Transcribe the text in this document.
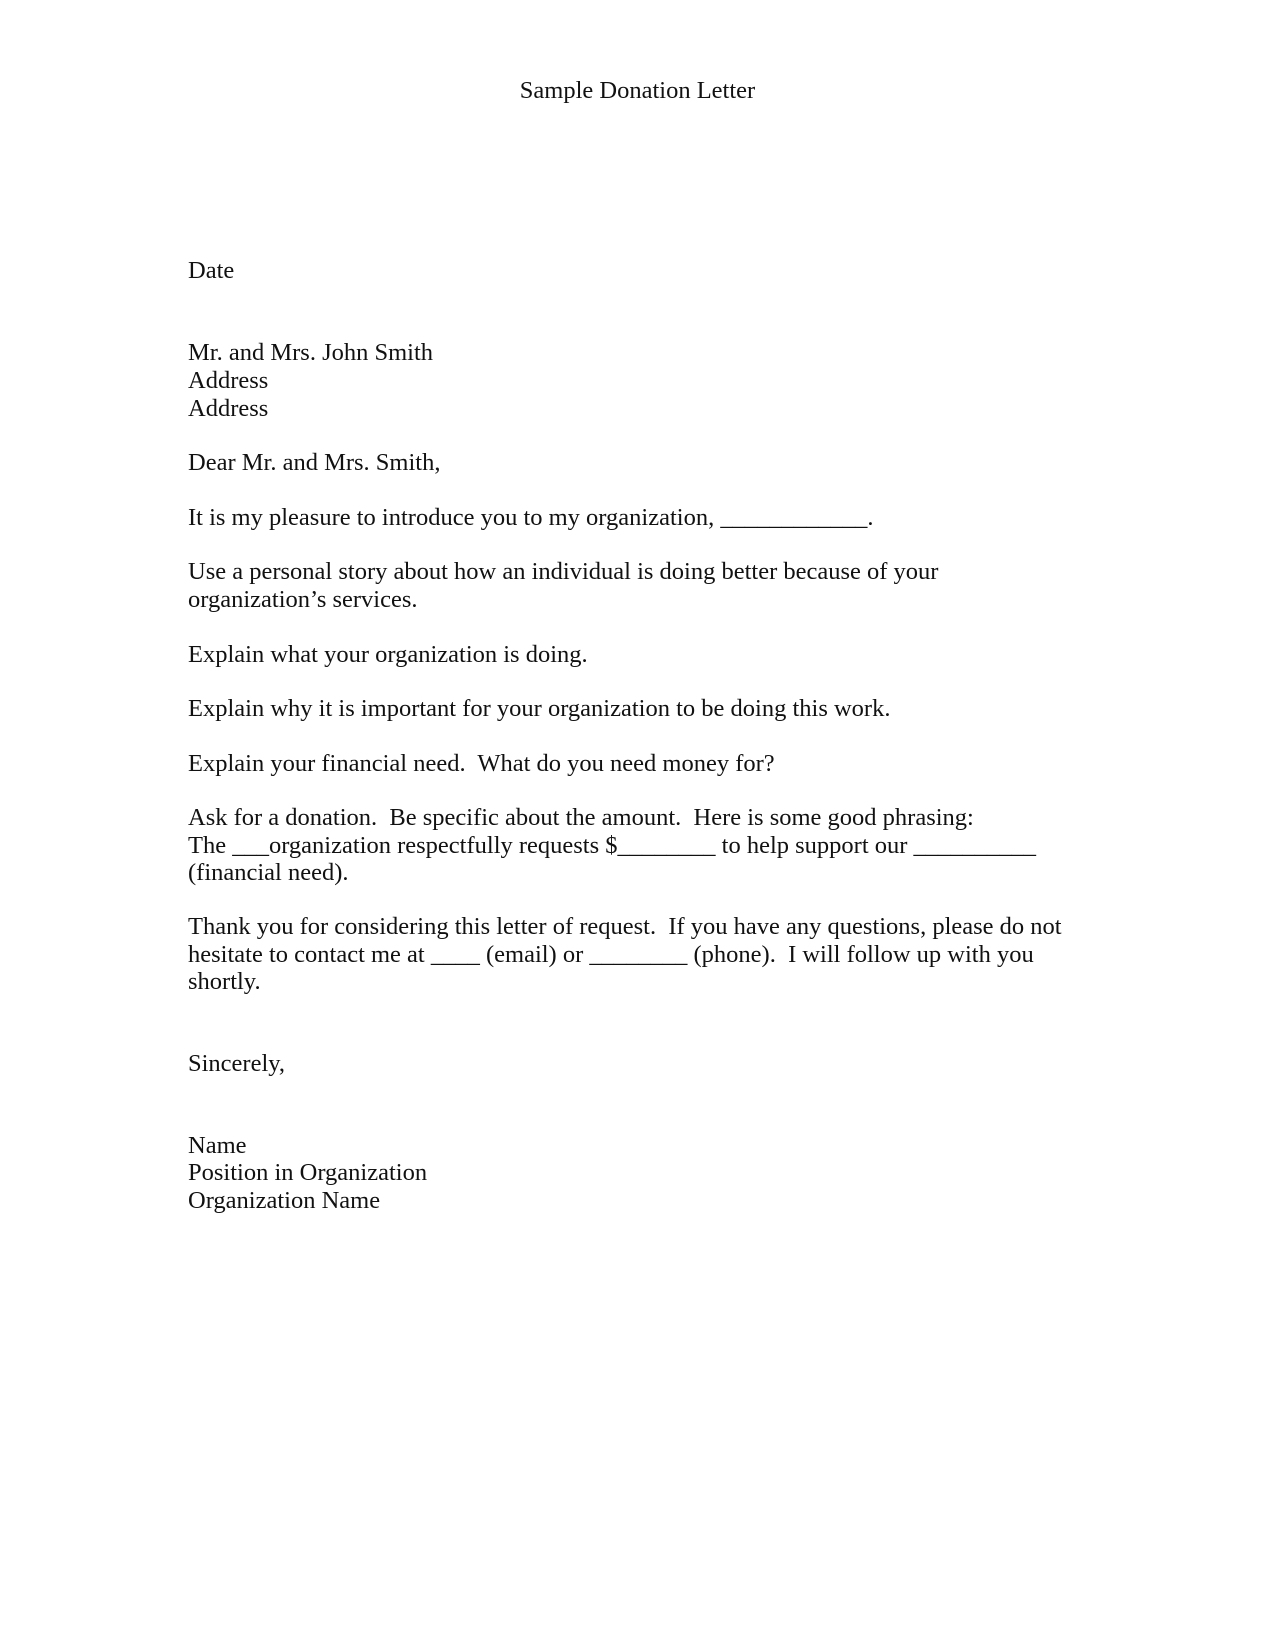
Sample Donation Letter

Date

Mr. and Mrs. John Smith

Address

Address

Dear Mr. and Mrs. Smith,

It is my pleasure to introduce you to my organization, ____________.

Use a personal story about how an individual is doing better because of your

organization’s services.

Explain what your organization is doing.

Explain why it is important for your organization to be doing this work.

Explain your financial need.  What do you need money for?

Ask for a donation.  Be specific about the amount.  Here is some good phrasing:

The ___organization respectfully requests $________ to help support our __________

(financial need).

Thank you for considering this letter of request.  If you have any questions, please do not

hesitate to contact me at ____ (email) or ________ (phone).  I will follow up with you

shortly.

Sincerely,

Name

Position in Organization

Organization Name
